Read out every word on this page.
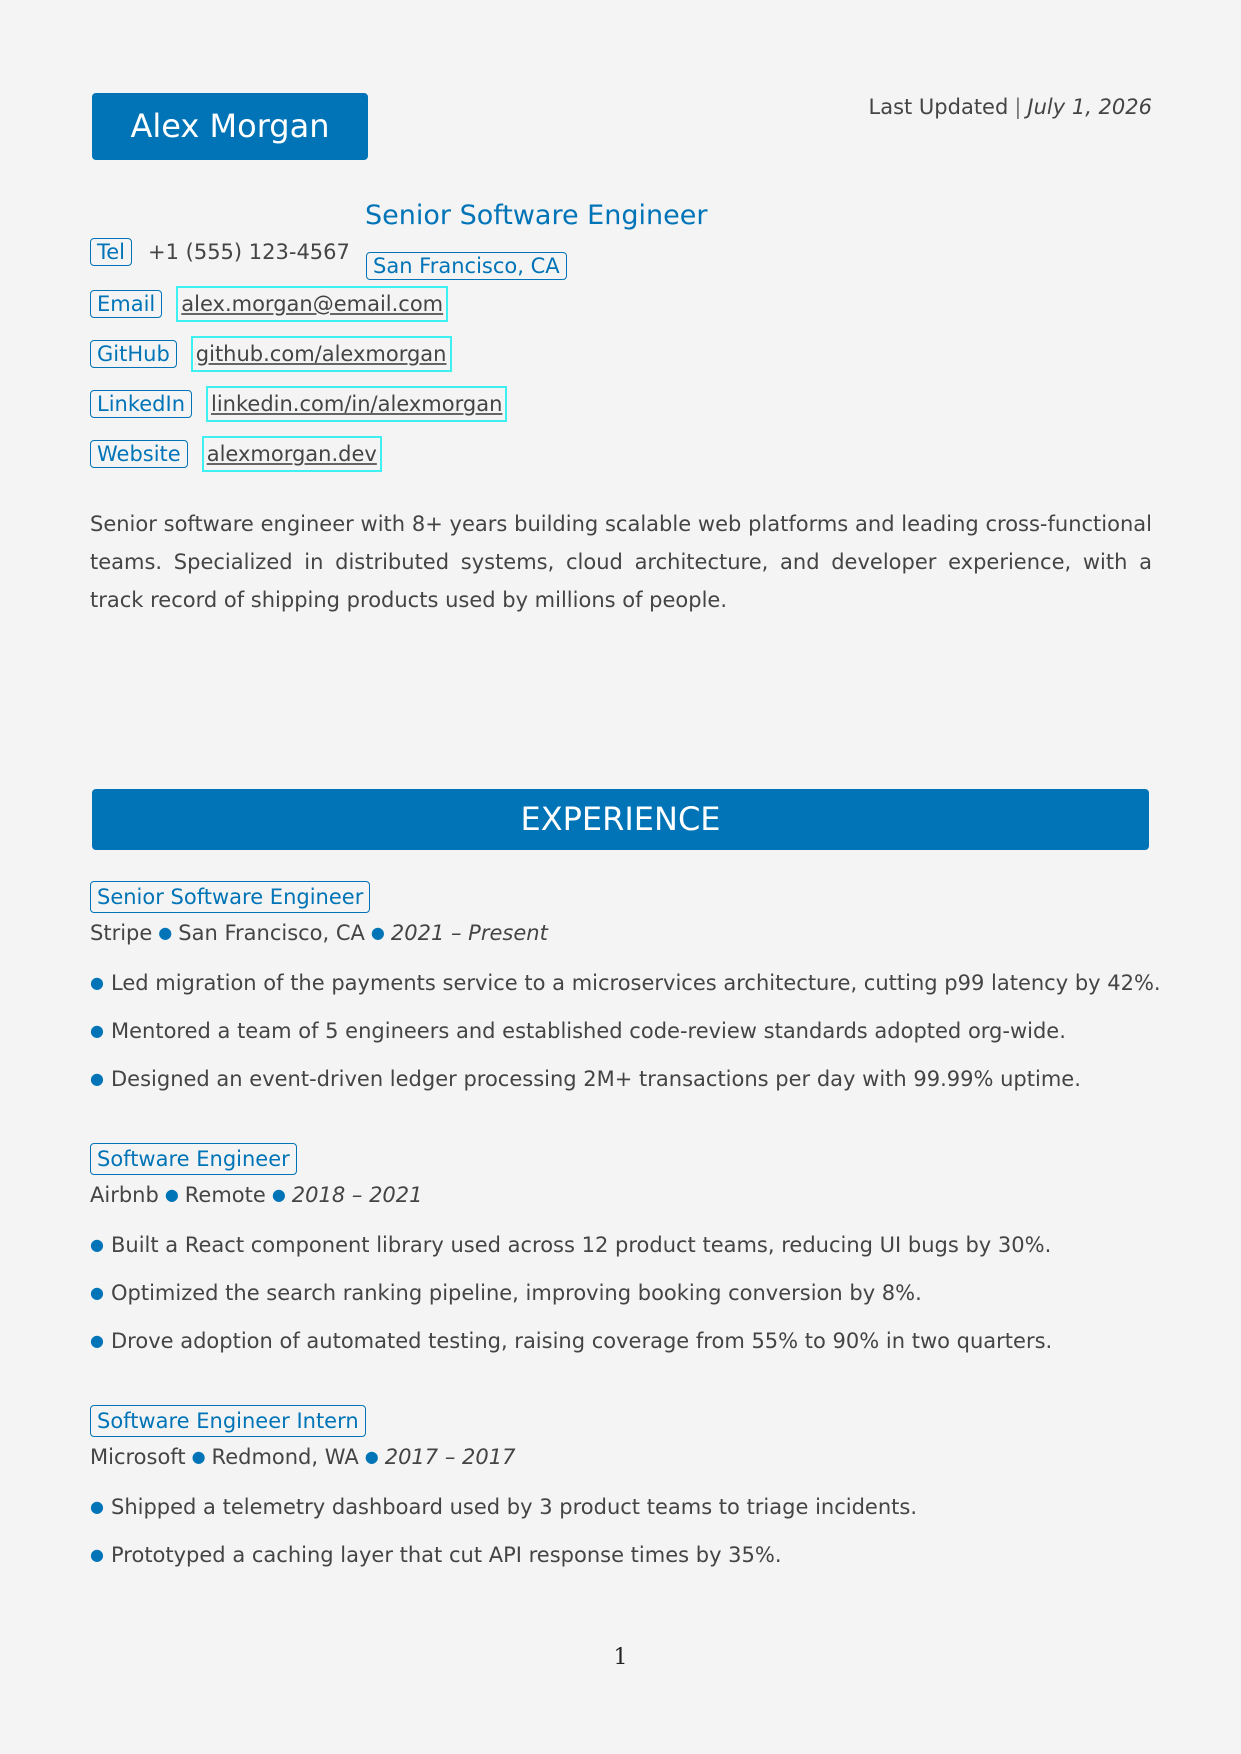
Alex Morgan	Last Updated | July 1, 2026
Senior Software Engineer
San Francisco, CA
Tel	+1 (555) 123-4567
Email	alex.morgan@email.com
GitHub	github.com/alexmorgan
LinkedIn	linkedin.com/in/alexmorgan
Website	alexmorgan.dev

Senior software engineer with 8+ years building scalable web platforms and leading cross-functional teams. Specialized in distributed systems, cloud architecture, and developer experience, with a track record of shipping products used by millions of people.

EXPERIENCE
Senior Software Engineer
Stripe ● San Francisco, CA ● 2021 – Present
● Led migration of the payments service to a microservices architecture, cutting p99 latency by 42%.
● Mentored a team of 5 engineers and established code-review standards adopted org-wide.
● Designed an event-driven ledger processing 2M+ transactions per day with 99.99% uptime.
Software Engineer
Airbnb ● Remote ● 2018 – 2021
● Built a React component library used across 12 product teams, reducing UI bugs by 30%.
● Optimized the search ranking pipeline, improving booking conversion by 8%.
● Drove adoption of automated testing, raising coverage from 55% to 90% in two quarters.
Software Engineer Intern
Microsoft ● Redmond, WA ● 2017 – 2017
● Shipped a telemetry dashboard used by 3 product teams to triage incidents.
● Prototyped a caching layer that cut API response times by 35%.
1
